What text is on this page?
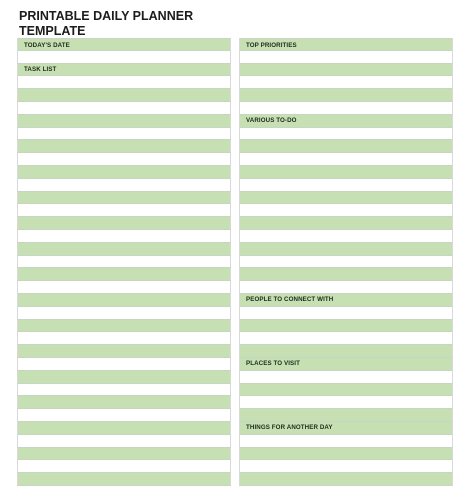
PRINTABLE DAILY PLANNER
TEMPLATE
TODAY'S DATE
TASK LIST
TOP PRIORITIES
VARIOUS TO-DO
PEOPLE TO CONNECT WITH
PLACES TO VISIT
THINGS FOR ANOTHER DAY
